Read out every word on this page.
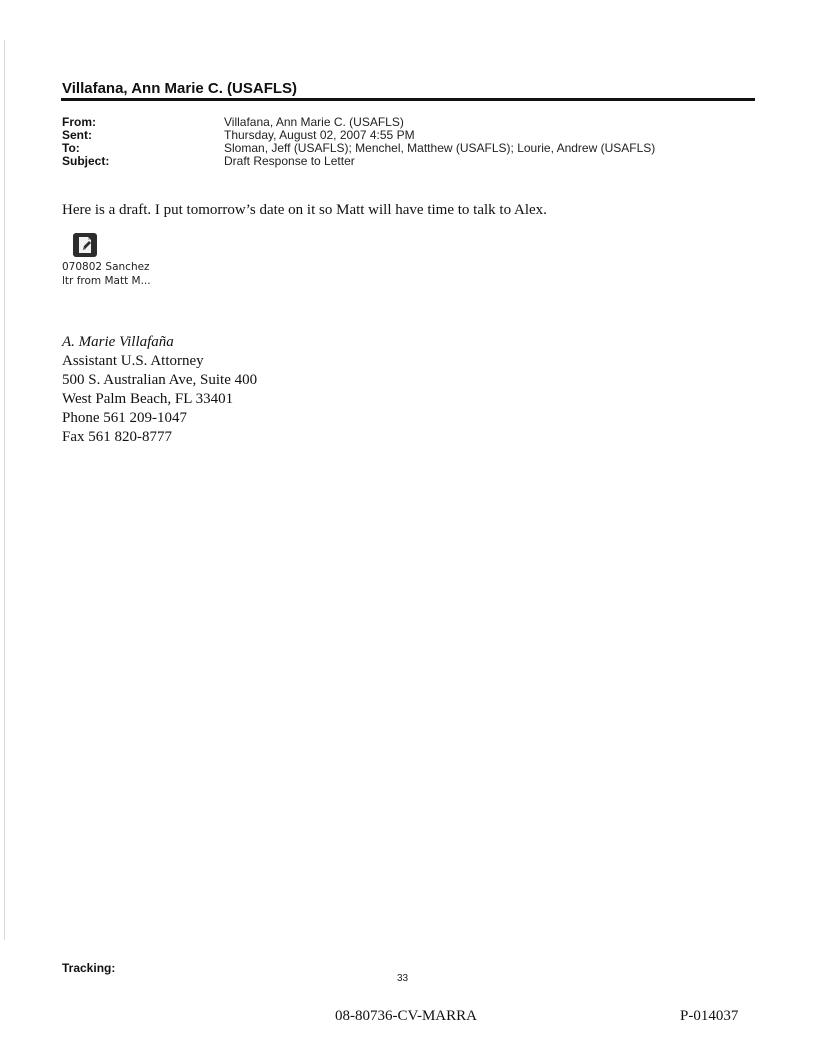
Villafana, Ann Marie C. (USAFLS)
From:	Villafana, Ann Marie C. (USAFLS)
Sent:	Thursday, August 02, 2007 4:55 PM
To:	Sloman, Jeff (USAFLS); Menchel, Matthew (USAFLS); Lourie, Andrew (USAFLS)
Subject:	Draft Response to Letter

Here is a draft. I put tomorrow’s date on it so Matt will have time to talk to Alex.

070802 Sanchez
ltr from Matt M...
A. Marie Villafaña
Assistant U.S. Attorney
500 S. Australian Ave, Suite 400
West Palm Beach, FL 33401
Phone 561 209-1047
Fax 561 820-8777
Tracking:
33
08-80736-CV-MARRA	P-014037
